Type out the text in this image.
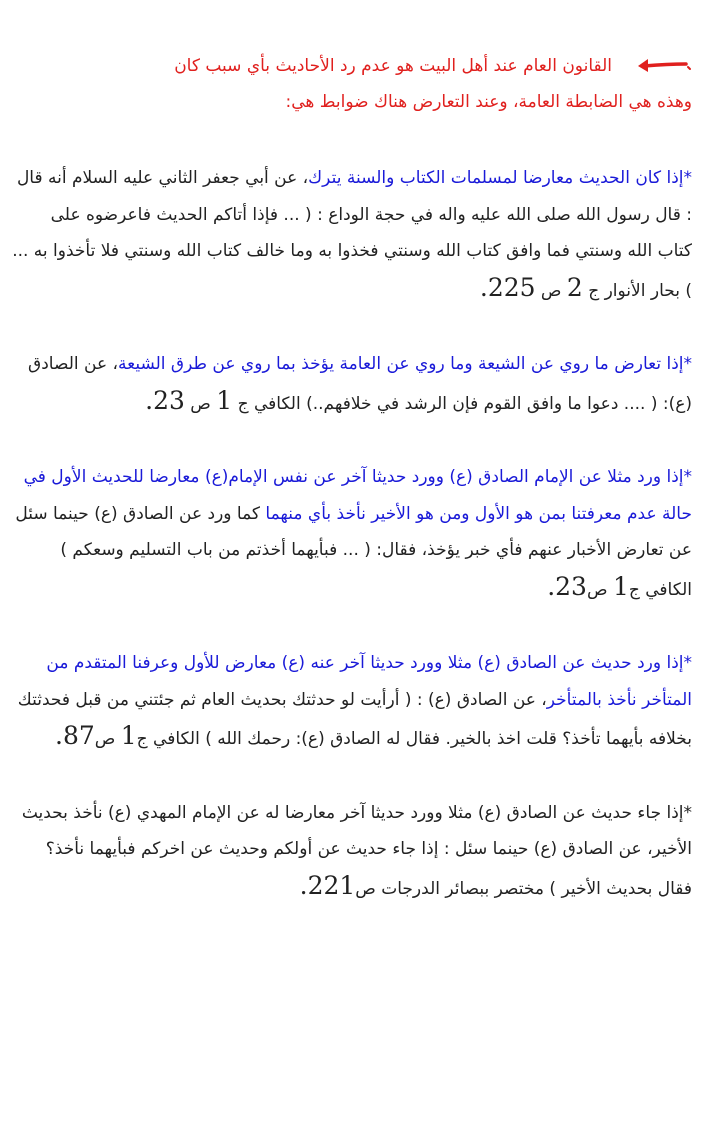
القانون العام عند أهل البيت هو عدم رد الأحاديث بأي سبب كان

وهذه هي الضابطة العامة، وعند التعارض هناك ضوابط هي:

*إذا كان الحديث معارضا لمسلمات الكتاب والسنة يترك، عن أبي جعفر الثاني عليه السلام أنه قال : قال رسول الله صلى الله عليه واله في حجة الوداع : ( ... فإذا أتاكم الحديث فاعرضوه على كتاب الله وسنتي فما وافق كتاب الله وسنتي فخذوا به وما خالف كتاب الله وسنتي فلا تأخذوا به ... ) بحار الأنوار ج 2 ص 225.

*إذا تعارض ما روي عن الشيعة وما روي عن العامة يؤخذ بما روي عن طرق الشيعة، عن الصادق (ع): ( .... دعوا ما وافق القوم فإن الرشد في خلافهم..) الكافي ج 1 ص 23.

*إذا ورد مثلا عن الإمام الصادق (ع) وورد حديثا آخر عن نفس الإمام(ع) معارضا للحديث الأول في حالة عدم معرفتنا بمن هو الأول ومن هو الأخير نأخذ بأي منهما كما ورد عن الصادق (ع) حينما سئل عن تعارض الأخبار عنهم فأي خبر يؤخذ، فقال: ( ... فبأيهما أخذتم من باب التسليم وسعكم ) الكافي ج1 ص23.

*إذا ورد حديث عن الصادق (ع) مثلا وورد حديثا آخر عنه (ع) معارض للأول وعرفنا المتقدم من المتأخر نأخذ بالمتأخر، عن الصادق (ع) : ( أرأيت لو حدثتك بحديث العام ثم جئتني من قبل فحدثتك بخلافه بأيهما تأخذ؟ قلت اخذ بالخير. فقال له الصادق (ع): رحمك الله ) الكافي ج1 ص87.

*إذا جاء حديث عن الصادق (ع) مثلا وورد حديثا آخر معارضا له عن الإمام المهدي (ع) نأخذ بحديث الأخير، عن الصادق (ع) حينما سئل : إذا جاء حديث عن أولكم وحديث عن اخركم فبأيهما نأخذ؟ فقال بحديث الأخير ) مختصر ببصائر الدرجات ص221.
